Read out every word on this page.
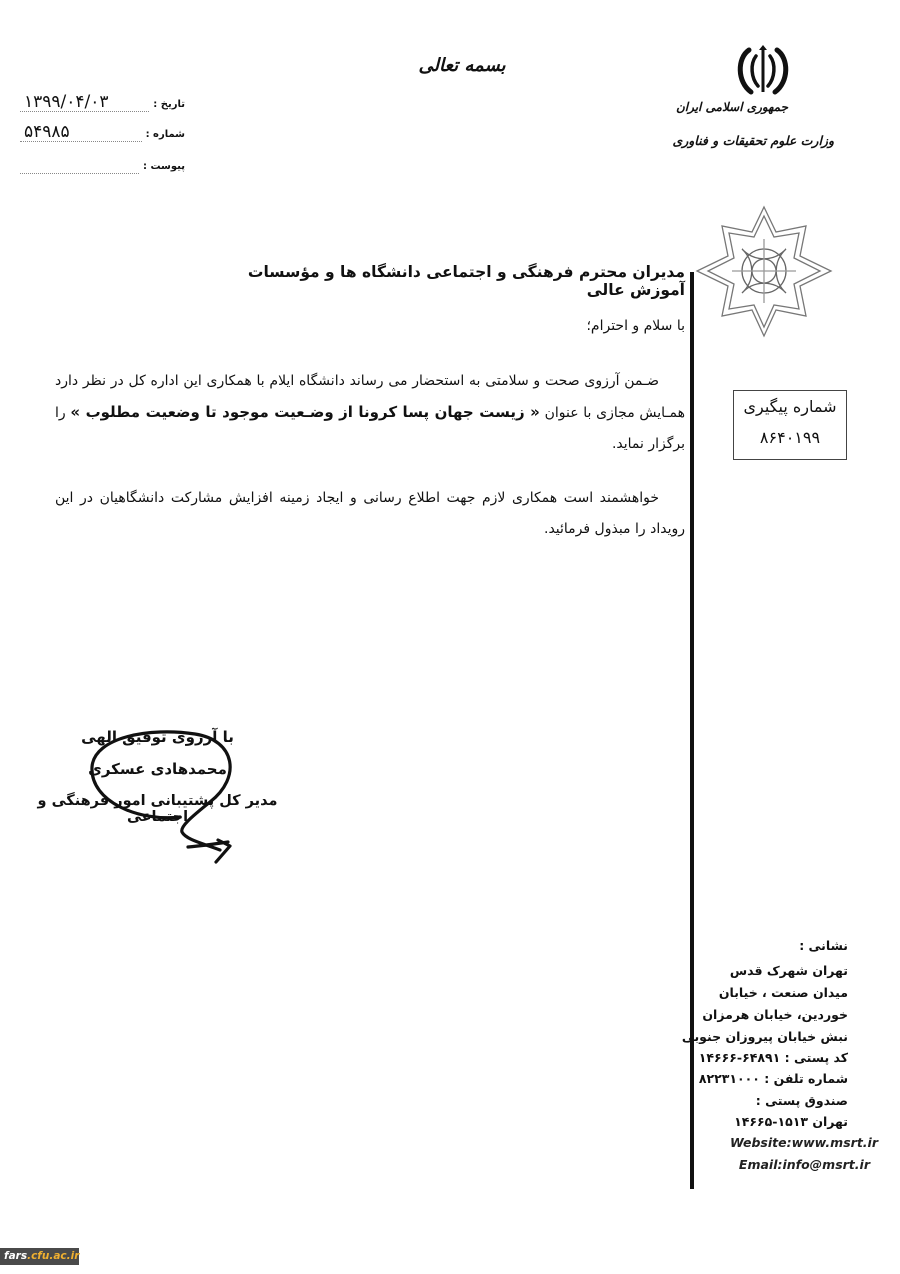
جمهوری اسلامی ایران
وزارت علوم تحقیقات و فناوری
بسمه تعالی
تاریخ :
۱۳۹۹/۰۴/۰۳
شماره :
۵۴۹۸۵
پیوست :
شماره پیگیری
۸۶۴۰۱۹۹
مدیران محترم فرهنگی و اجتماعی دانشگاه ها و مؤسسات آموزش عالی
با سلام و احترام؛
ضـمن آرزوی صحت و سلامتی به استحضار می رساند دانشگاه ایلام با همکاری این اداره کل در نظر دارد همـایش مجازی با عنوان « زیست جهان پسا کرونا از وضـعیت موجود تا وضعیت مطلوب » را برگزار نماید.
خواهشمند است همکاری لازم جهت اطلاع رسانی و ایجاد زمینه افزایش مشارکت دانشگاهیان در این رویداد را مبذول فرمائید.
با آرزوی توفیق الهی
محمدهادی عسکری
مدیر کل پشتیبانی امور فرهنگی و اجتماعی
نشانی :
تهران شهرک قدس
میدان صنعت ، خیابان
خوردین، خیابان هرمزان
نبش خیابان پیروزان جنوبی
کد پستی : ۶۴۸۹۱-۱۴۶۶۶
شماره تلفن : ۸۲۲۳۱۰۰۰
صندوق پستی :
تهران ۱۵۱۳-۱۴۶۶۵
Website:www.msrt.ir
Email:info@msrt.ir
fars.cfu.ac.ir
